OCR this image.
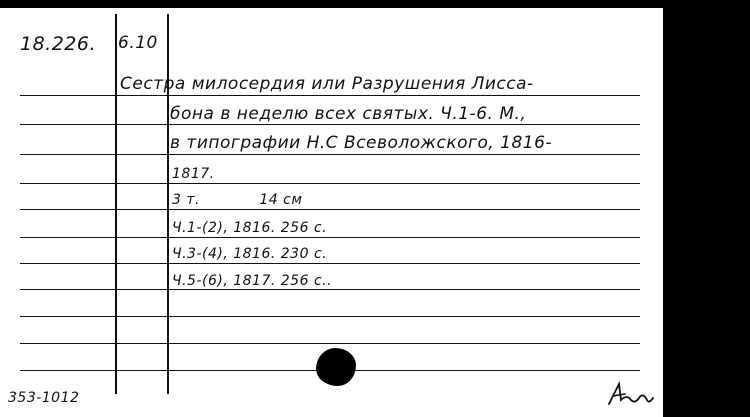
18.226. 6.10
Сестра милосердия или Разрушения Лисса-
бона в неделю всех святых. Ч.1-6. М.,
в типографии Н.С Всеволожского, 1816-
1817.
3 т.            14 см
Ч.1-(2), 1816. 256 с.
Ч.3-(4), 1816. 230 с.
Ч.5-(6), 1817. 256 с..
353-1012
